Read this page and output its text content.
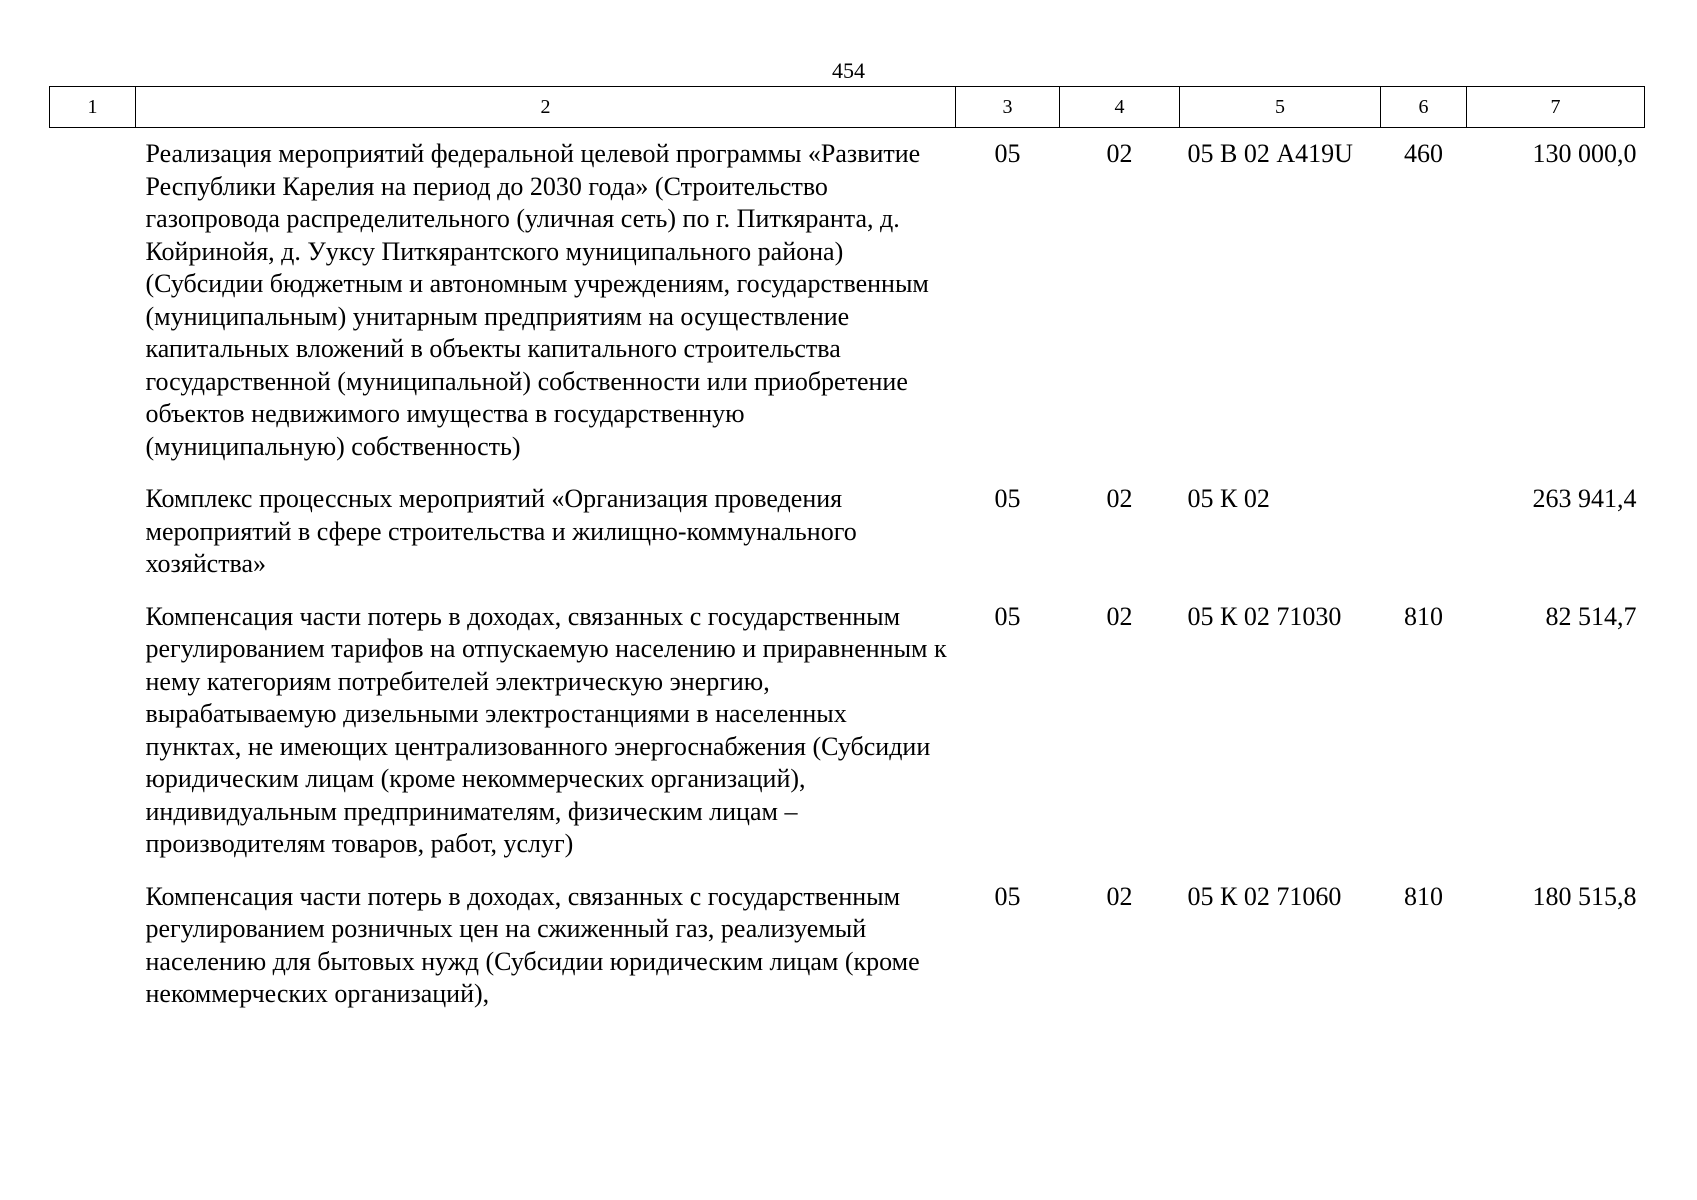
454
1	2	3	4	5	6	7
	Реализация мероприятий федеральной целевой программы «Развитие Республики Карелия на период до 2030 года» (Строительство газопровода распределительного (уличная сеть) по г. Питкяранта, д. Койринойя, д. Ууксу Питкярантского муниципального района) (Субсидии бюджетным и автономным учреждениям, государственным (муниципальным) унитарным предприятиям на осуществление капитальных вложений в объекты капитального строительства государственной (муниципальной) собственности или приобретение объектов недвижимого имущества в государственную (муниципальную) собственность)	05	02	05 В 02 A419U	460	130 000,0
	Комплекс процессных мероприятий «Организация проведения мероприятий в сфере строительства и жилищно-коммунального хозяйства»	05	02	05 К 02		263 941,4
	Компенсация части потерь в доходах, связанных с государственным регулированием тарифов на отпускаемую населению и приравненным к нему категориям потребителей электрическую энергию, вырабатываемую дизельными электростанциями в населенных пунктах, не имеющих централизованного энергоснабжения (Субсидии юридическим лицам (кроме некоммерческих организаций), индивидуальным предпринимателям, физическим лицам – производителям товаров, работ, услуг)	05	02	05 К 02 71030	810	82 514,7
	Компенсация части потерь в доходах, связанных с государственным регулированием розничных цен на сжиженный газ, реализуемый населению для бытовых нужд (Субсидии юридическим лицам (кроме некоммерческих организаций),	05	02	05 К 02 71060	810	180 515,8
